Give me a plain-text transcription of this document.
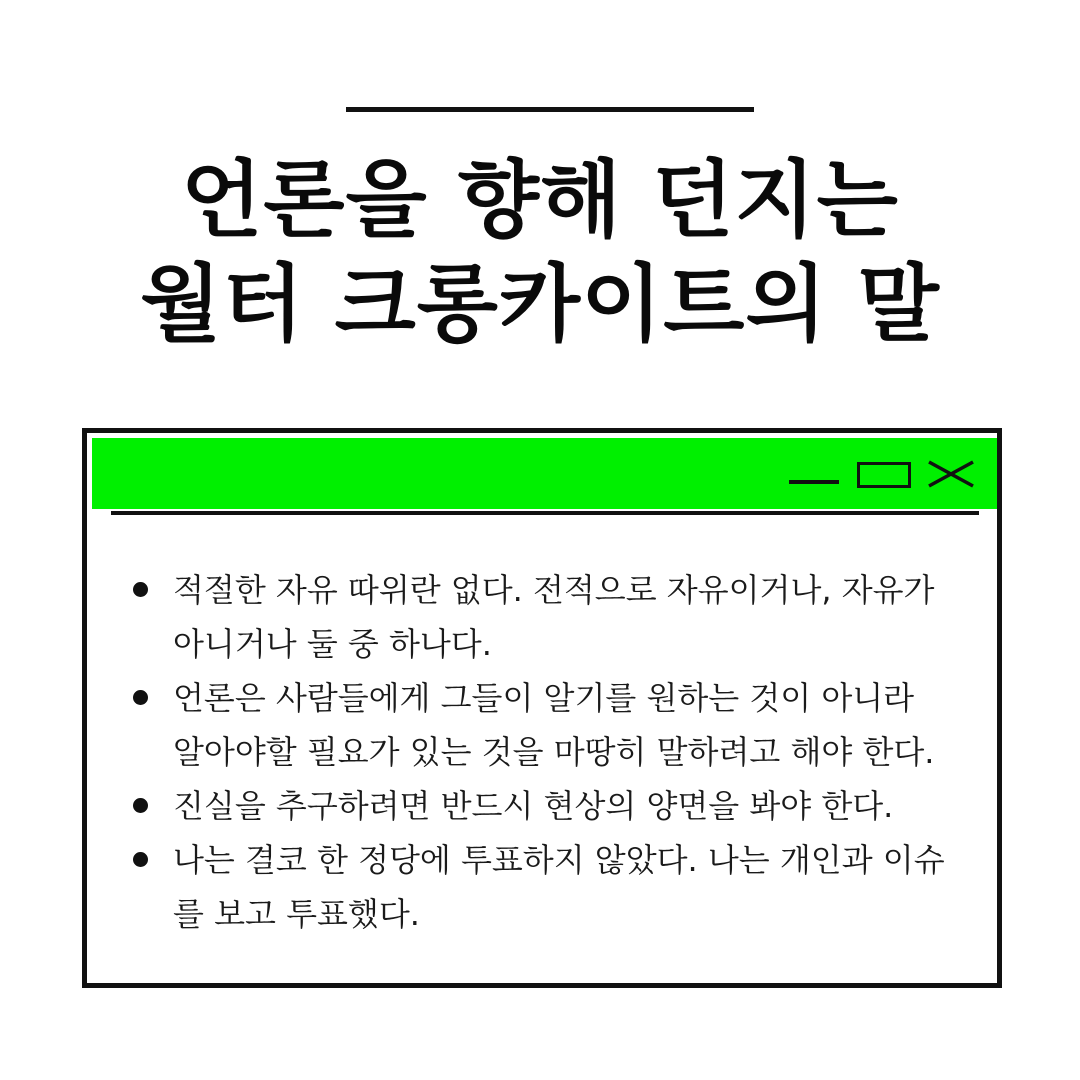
언론을 향해 던지는
월터 크롱카이트의 말
적절한 자유 따위란 없다. 전적으로 자유이거나, 자유가 아니거나 둘 중 하나다.
언론은 사람들에게 그들이 알기를 원하는 것이 아니라 알아야할 필요가 있는 것을 마땅히 말하려고 해야 한다.
진실을 추구하려면 반드시 현상의 양면을 봐야 한다.
나는 결코 한 정당에 투표하지 않았다. 나는 개인과 이슈를 보고 투표했다.
